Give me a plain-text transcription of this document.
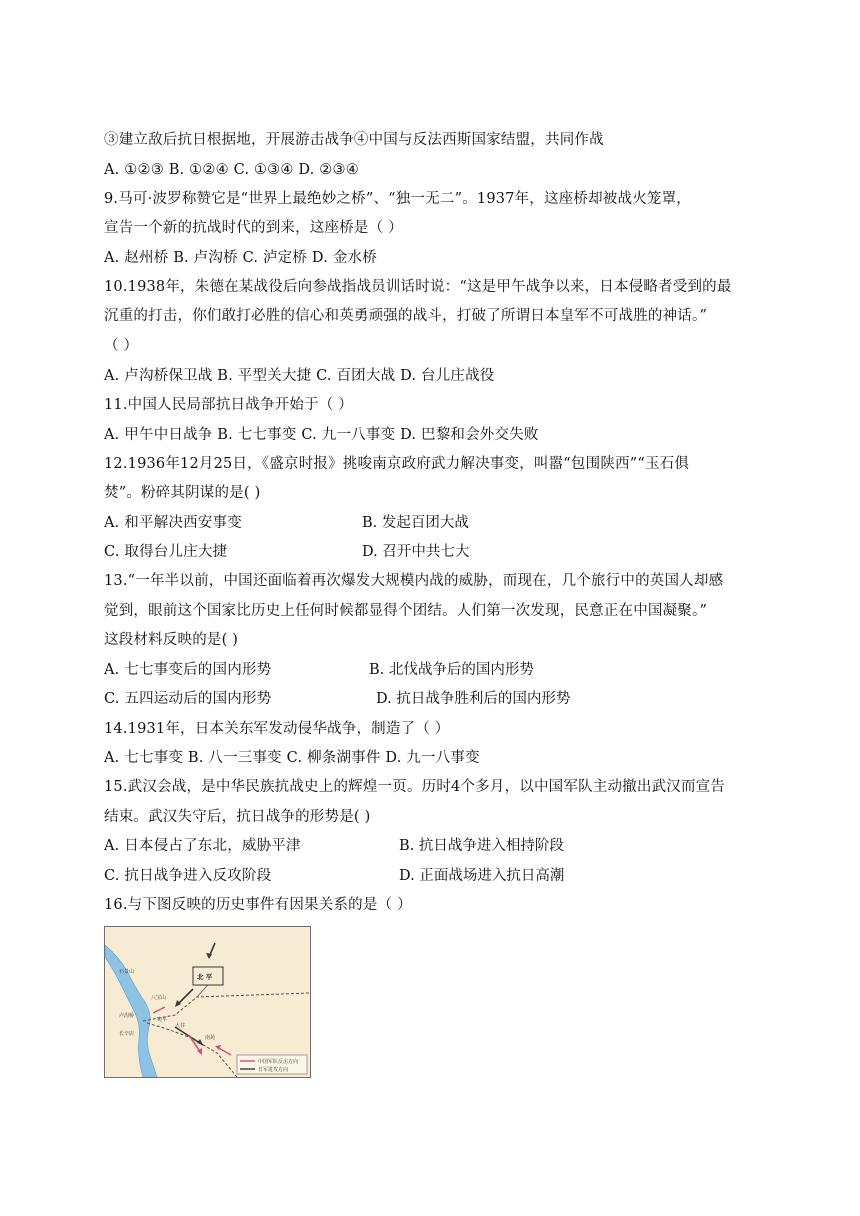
③建立敌后抗日根据地，开展游击战争④中国与反法西斯国家结盟，共同作战
A. ①②③ B. ①②④ C. ①③④ D. ②③④
9.马可·波罗称赞它是“世界上最绝妙之桥”、“独一无二”。1937年，这座桥却被战火笼罩，
宣告一个新的抗战时代的到来，这座桥是（ ）
A. 赵州桥 B. 卢沟桥 C. 泸定桥 D. 金水桥
10.1938年，朱德在某战役后向参战指战员训话时说：“这是甲午战争以来，日本侵略者受到的最
沉重的打击，你们敢打必胜的信心和英勇顽强的战斗，打破了所谓日本皇军不可战胜的神话。”
（ ）
A. 卢沟桥保卫战 B. 平型关大捷 C. 百团大战 D. 台儿庄战役
11.中国人民局部抗日战争开始于（ ）
A. 甲午中日战争 B. 七七事变 C. 九一八事变 D. 巴黎和会外交失败
12.1936年12月25日，《盛京时报》挑唆南京政府武力解决事变，叫嚣“包围陕西”“玉石俱
焚”。粉碎其阴谋的是( )
A. 和平解决西安事变	B. 发起百团大战
C. 取得台儿庄大捷	D. 召开中共七大
13.“一年半以前，中国还面临着再次爆发大规模内战的威胁，而现在，几个旅行中的英国人却感
觉到，眼前这个国家比历史上任何时候都显得个团结。人们第一次发现，民意正在中国凝聚。”
这段材料反映的是( )
A. 七七事变后的国内形势	B. 北伐战争后的国内形势
C. 五四运动后的国内形势	D. 抗日战争胜利后的国内形势
14.1931年，日本关东军发动侵华战争，制造了（ ）
A. 七七事变 B. 八一三事变 C. 柳条湖事件 D. 九一八事变
15.武汉会战，是中华民族抗战史上的辉煌一页。历时4个多月，以中国军队主动撤出武汉而宣告
结束。武汉失守后，抗日战争的形势是( )
A. 日本侵占了东北，威胁平津	B. 抗日战争进入相持阶段
C. 抗日战争进入反攻阶段	D. 正面战场进入抗日高潮
16.与下图反映的历史事件有因果关系的是（ ）
北 平
石景山
八宝山
卢沟桥
宛平
长辛店
大井
南苑
中国军队反击方向
日军进攻方向
